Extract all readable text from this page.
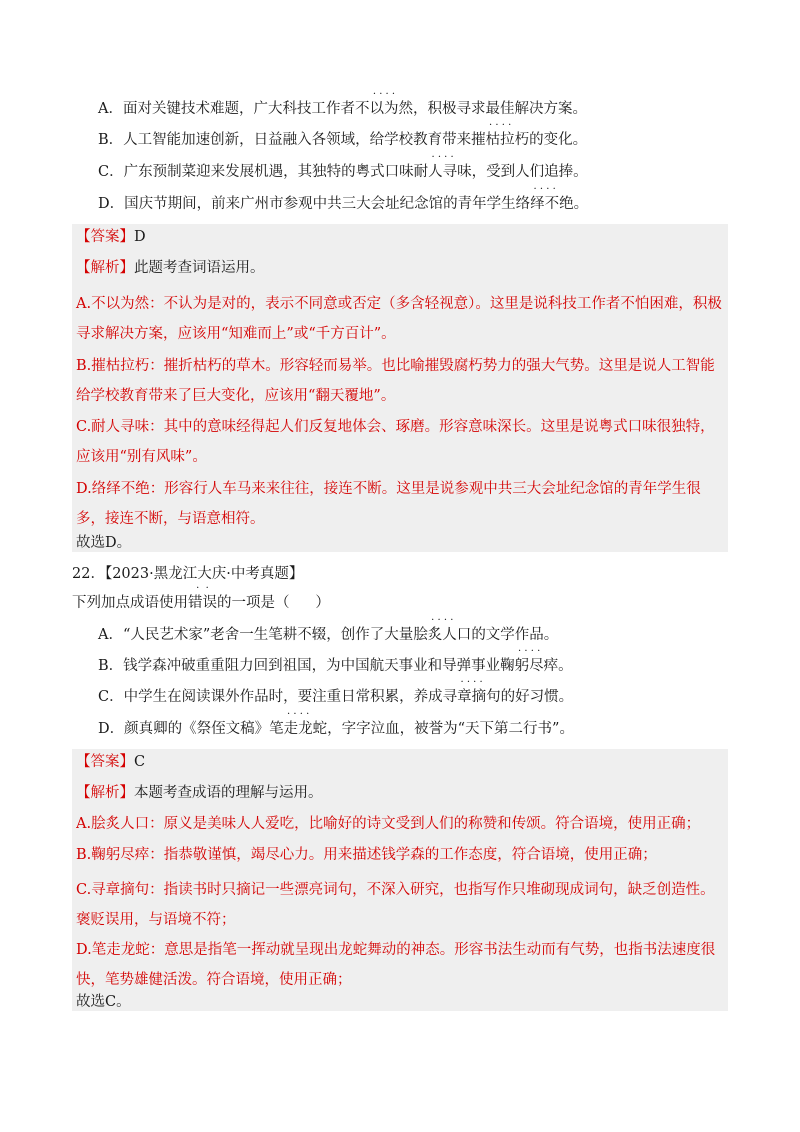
A．面对关键技术难题，广大科技工作者
· · · ·
不以为然，积极寻求最佳解决方案。
B．人工智能加速创新，日益融入各领域，给学校教育带来
· · · ·
摧枯拉朽的变化。
C．广东预制菜迎来发展机遇，其独特的粤式口味
· · · ·
耐人寻味，受到人们追捧。
D．国庆节期间，前来广州市参观中共三大会址纪念馆的青年学生
· · · ·
络绎不绝。
【答案】D
【解析】此题考查词语运用。
A.不以为然：不认为是对的，表示不同意或否定（多含轻视意）。这里是说科技工作者不怕困难，积极寻求解决方案，应该用“知难而上”或“千方百计”。
B.摧枯拉朽：摧折枯朽的草木。形容轻而易举。也比喻摧毁腐朽势力的强大气势。这里是说人工智能给学校教育带来了巨大变化，应该用“翻天覆地”。
C.耐人寻味：其中的意味经得起人们反复地体会、琢磨。形容意味深长。这里是说粤式口味很独特，应该用“别有风味”。
D.络绎不绝：形容行人车马来来往往，接连不断。这里是说参观中共三大会址纪念馆的青年学生很多，接连不断，与语意相符。
故选D。
22．【2023·黑龙江大庆·中考真题】
下列加点成语使用
·  ·
错误的一项是（ ）
A．“人民艺术家”老舍一生笔耕不辍，创作了大量
· · · ·
脍炙人口的文学作品。
B．钱学森冲破重重阻力回到祖国，为中国航天事业和导弹事业
· · · ·
鞠躬尽瘁。
C．中学生在阅读课外作品时，要注重日常积累，养成
· · · ·
寻章摘句的好习惯。
D．颜真卿的《祭侄文稿》
· · · ·
笔走龙蛇，字字泣血，被誉为“天下第二行书”。
【答案】C
【解析】本题考查成语的理解与运用。
A.脍炙人口：原义是美味人人爱吃，比喻好的诗文受到人们的称赞和传颂。符合语境，使用正确；
B.鞠躬尽瘁：指恭敬谨慎，竭尽心力。用来描述钱学森的工作态度，符合语境，使用正确；
C.寻章摘句：指读书时只摘记一些漂亮词句，不深入研究，也指写作只堆砌现成词句，缺乏创造性。褒贬误用，与语境不符；
D.笔走龙蛇：意思是指笔一挥动就呈现出龙蛇舞动的神态。形容书法生动而有气势，也指书法速度很快，笔势雄健活泼。符合语境，使用正确；
故选C。
